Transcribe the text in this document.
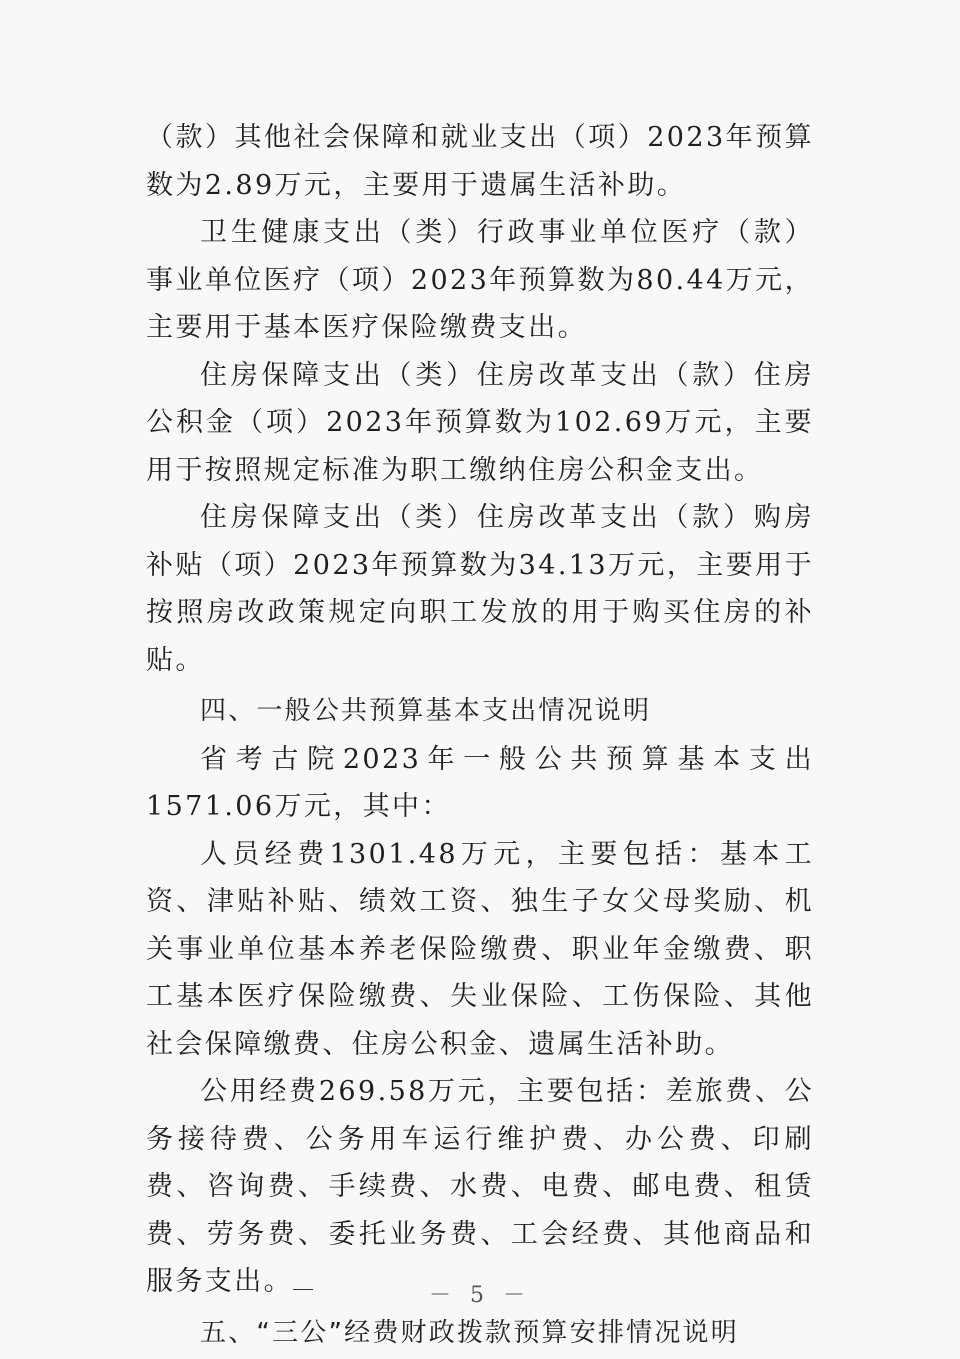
（款）其他社会保障和就业支出（项）2023年预算数为2.89万元，主要用于遗属生活补助。

卫生健康支出（类）行政事业单位医疗（款）事业单位医疗（项）2023年预算数为80.44万元，主要用于基本医疗保险缴费支出。

住房保障支出（类）住房改革支出（款）住房公积金（项）2023年预算数为102.69万元，主要用于按照规定标准为职工缴纳住房公积金支出。

住房保障支出（类）住房改革支出（款）购房补贴（项）2023年预算数为34.13万元，主要用于按照房改政策规定向职工发放的用于购买住房的补贴。

四、一般公共预算基本支出情况说明

省考古院2023年一般公共预算基本支出1571.06万元，其中：

人员经费1301.48万元，主要包括：基本工资、津贴补贴、绩效工资、独生子女父母奖励、机关事业单位基本养老保险缴费、职业年金缴费、职工基本医疗保险缴费、失业保险、工伤保险、其他社会保障缴费、住房公积金、遗属生活补助。

公用经费269.58万元，主要包括：差旅费、公务接待费、公务用车运行维护费、办公费、印刷费、咨询费、手续费、水费、电费、邮电费、租赁费、劳务费、委托业务费、工会经费、其他商品和服务支出。

五、“三公”经费财政拨款预算安排情况说明
－ 5 －
